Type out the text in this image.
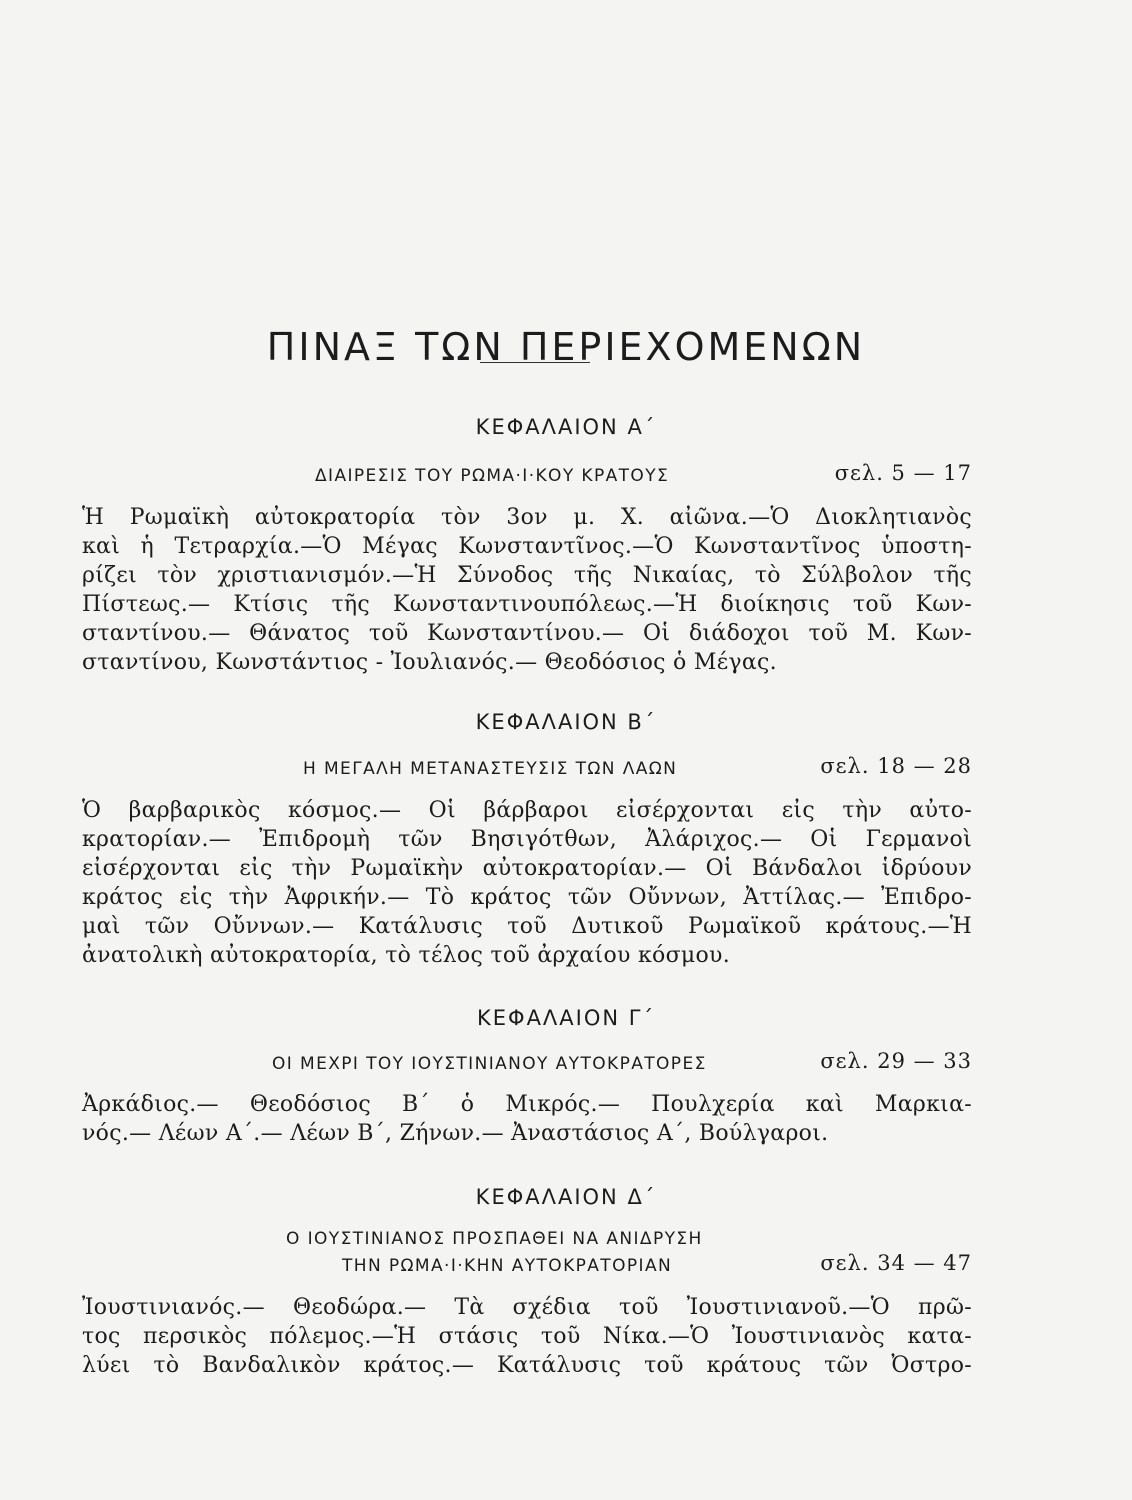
ΠΙΝΑΞ ΤΩΝ ΠΕΡΙΕΧΟΜΕΝΩΝ
ΚΕΦΑΛΑΙΟΝ Α΄
ΔΙΑΙΡΕΣΙΣ ΤΟΥ ΡΩΜΑ·Ι·ΚΟΥ ΚΡΑΤΟΥΣ	σελ. 5 — 17
Ἡ Ρωμαϊκὴ αὐτοκρατορία τὸν 3ον μ. Χ. αἰῶνα.—Ὁ Διοκλητιανὸς
καὶ ἡ Τετραρχία.—Ὁ Μέγας Κωνσταντῖνος.—Ὁ Κωνσταντῖνος ὑποστη-
ρίζει τὸν χριστιανισμόν.—Ἡ Σύνοδος τῆς Νικαίας, τὸ Σύλβολον τῆς
Πίστεως.— Κτίσις τῆς Κωνσταντινουπόλεως.—Ἡ διοίκησις τοῦ Κων-
σταντίνου.— Θάνατος τοῦ Κωνσταντίνου.— Οἱ διάδοχοι τοῦ Μ. Κων-
σταντίνου, Κωνστάντιος - Ἰουλιανός.— Θεοδόσιος ὁ Μέγας.
ΚΕΦΑΛΑΙΟΝ Β΄
Η ΜΕΓΑΛΗ ΜΕΤΑΝΑΣΤΕΥΣΙΣ ΤΩΝ ΛΑΩΝ	σελ. 18 — 28
Ὁ βαρβαρικὸς κόσμος.— Οἱ βάρβαροι εἰσέρχονται εἰς τὴν αὐτο-
κρατορίαν.— Ἐπιδρομὴ τῶν Βησιγότθων, Ἀλάριχος.— Οἱ Γερμανοὶ
εἰσέρχονται εἰς τὴν Ρωμαϊκὴν αὐτοκρατορίαν.— Οἱ Βάνδαλοι ἱδρύουν
κράτος εἰς τὴν Ἀφρικήν.— Τὸ κράτος τῶν Οὔννων, Ἀττίλας.— Ἐπιδρο-
μαὶ τῶν Οὔννων.— Κατάλυσις τοῦ Δυτικοῦ Ρωμαϊκοῦ κράτους.—Ἡ
ἀνατολικὴ αὐτοκρατορία, τὸ τέλος τοῦ ἀρχαίου κόσμου.
ΚΕΦΑΛΑΙΟΝ Γ΄
ΟΙ ΜΕΧΡΙ ΤΟΥ ΙΟΥΣΤΙΝΙΑΝΟΥ ΑΥΤΟΚΡΑΤΟΡΕΣ	σελ. 29 — 33
Ἀρκάδιος.— Θεοδόσιος Β΄ ὁ Μικρός.— Πουλχερία καὶ Μαρκια-
νός.— Λέων Α΄.— Λέων Β΄, Ζήνων.— Ἀναστάσιος Α΄, Βούλγαροι.
ΚΕΦΑΛΑΙΟΝ Δ΄
Ο ΙΟΥΣΤΙΝΙΑΝΟΣ ΠΡΟΣΠΑΘΕΙ ΝΑ ΑΝΙΔΡΥΣΗ
ΤΗΝ ΡΩΜΑ·Ι·ΚΗΝ ΑΥΤΟΚΡΑΤΟΡΙΑΝ	σελ. 34 — 47
Ἰουστινιανός.— Θεοδώρα.— Τὰ σχέδια τοῦ Ἰουστινιανοῦ.—Ὁ πρῶ-
τος περσικὸς πόλεμος.—Ἡ στάσις τοῦ Νίκα.—Ὁ Ἰουστινιανὸς κατα-
λύει τὸ Βανδαλικὸν κράτος.— Κατάλυσις τοῦ κράτους τῶν Ὀστρο-
